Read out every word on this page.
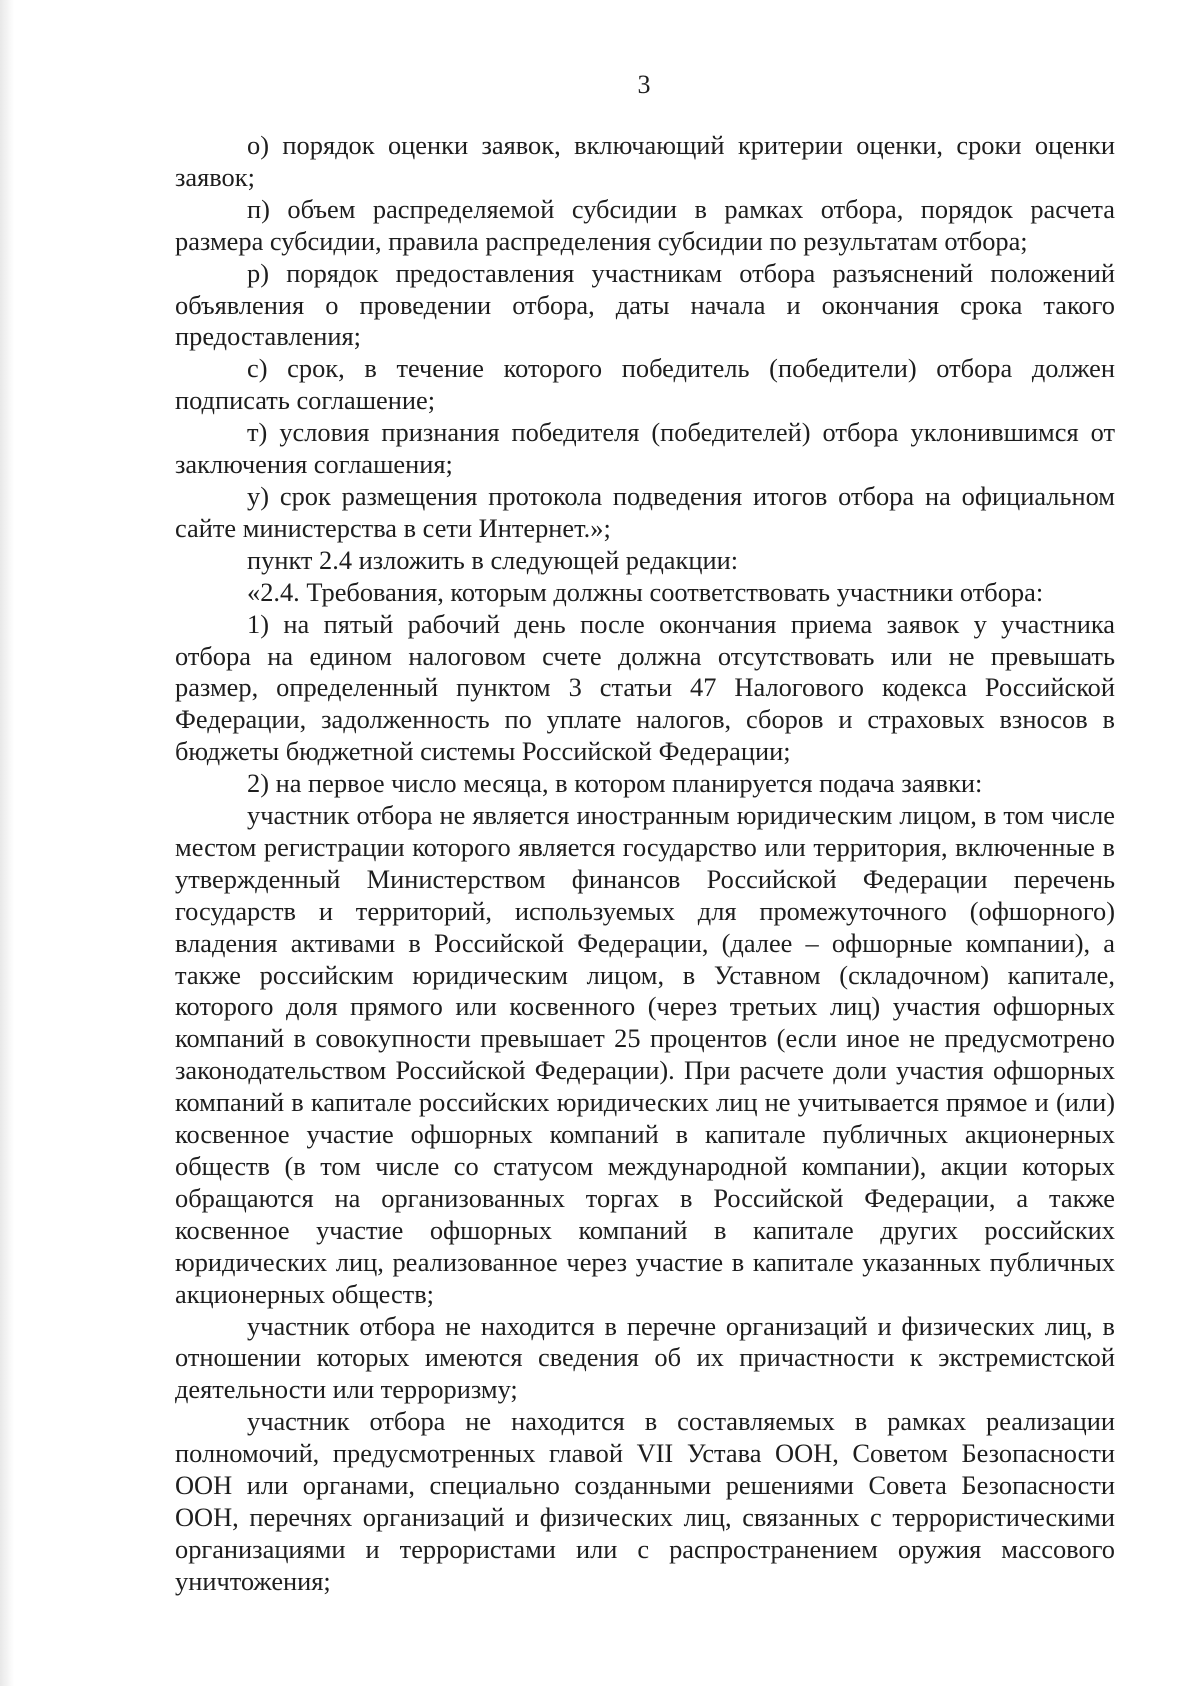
3

о) порядок оценки заявок, включающий критерии оценки, сроки оценки заявок;

п) объем распределяемой субсидии в рамках отбора, порядок расчета размера субсидии, правила распределения субсидии по результатам отбора;

р) порядок предоставления участникам отбора разъяснений положений объявления о проведении отбора, даты начала и окончания срока такого предоставления;

с) срок, в течение которого победитель (победители) отбора должен подписать соглашение;

т) условия признания победителя (победителей) отбора уклонившимся от заключения соглашения;

у) срок размещения протокола подведения итогов отбора на официальном сайте министерства в сети Интернет.»;

пункт 2.4 изложить в следующей редакции:

«2.4. Требования, которым должны соответствовать участники отбора:

1) на пятый рабочий день после окончания приема заявок у участника отбора на едином налоговом счете должна отсутствовать или не превышать размер, определенный пунктом 3 статьи 47 Налогового кодекса Российской Федерации, задолженность по уплате налогов, сборов и страховых взносов в бюджеты бюджетной системы Российской Федерации;

2) на первое число месяца, в котором планируется подача заявки:

участник отбора не является иностранным юридическим лицом, в том числе местом регистрации которого является государство или территория, включенные в утвержденный Министерством финансов Российской Федерации перечень государств и территорий, используемых для промежуточного (офшорного) владения активами в Российской Федерации, (далее – офшорные компании), а также российским юридическим лицом, в Уставном (складочном) капитале, которого доля прямого или косвенного (через третьих лиц) участия офшорных компаний в совокупности превышает 25 процентов (если иное не предусмотрено законодательством Российской Федерации). При расчете доли участия офшорных компаний в капитале российских юридических лиц не учитывается прямое и (или) косвенное участие офшорных компаний в капитале публичных акционерных обществ (в том числе со статусом международной компании), акции которых обращаются на организованных торгах в Российской Федерации, а также косвенное участие офшорных компаний в капитале других российских юридических лиц, реализованное через участие в капитале указанных публичных акционерных обществ;

участник отбора не находится в перечне организаций и физических лиц, в отношении которых имеются сведения об их причастности к экстремистской деятельности или терроризму;

участник отбора не находится в составляемых в рамках реализации полномочий, предусмотренных главой VII Устава ООН, Советом Безопасности ООН или органами, специально созданными решениями Совета Безопасности ООН, перечнях организаций и физических лиц, связанных с террористическими организациями и террористами или с распространением оружия массового уничтожения;
